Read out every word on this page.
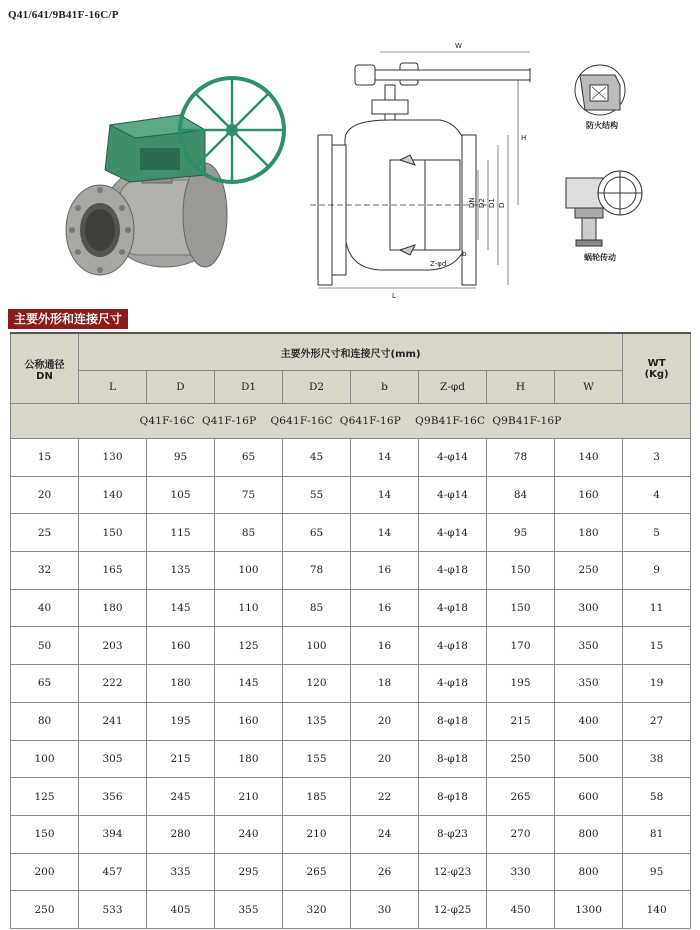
Q41/641/9B41F-16C/P
W
H
DN D2 D1 D
L
b
Z-φd
防火结构
蜗轮传动
主要外形和连接尺寸
公称通径
DN	主要外形尺寸和连接尺寸(mm)								WT
(Kg)
	L	D	D1	D2	b	Z-φd	H	W	
Q41F-16C  Q41F-16P    Q641F-16C  Q641F-16P    Q9B41F-16C  Q9B41F-16P									
15	130	95	65	45	14	4-φ14	78	140	3
20	140	105	75	55	14	4-φ14	84	160	4
25	150	115	85	65	14	4-φ14	95	180	5
32	165	135	100	78	16	4-φ18	150	250	9
40	180	145	110	85	16	4-φ18	150	300	11
50	203	160	125	100	16	4-φ18	170	350	15
65	222	180	145	120	18	4-φ18	195	350	19
80	241	195	160	135	20	8-φ18	215	400	27
100	305	215	180	155	20	8-φ18	250	500	38
125	356	245	210	185	22	8-φ18	265	600	58
150	394	280	240	210	24	8-φ23	270	800	81
200	457	335	295	265	26	12-φ23	330	800	95
250	533	405	355	320	30	12-φ25	450	1300	140
